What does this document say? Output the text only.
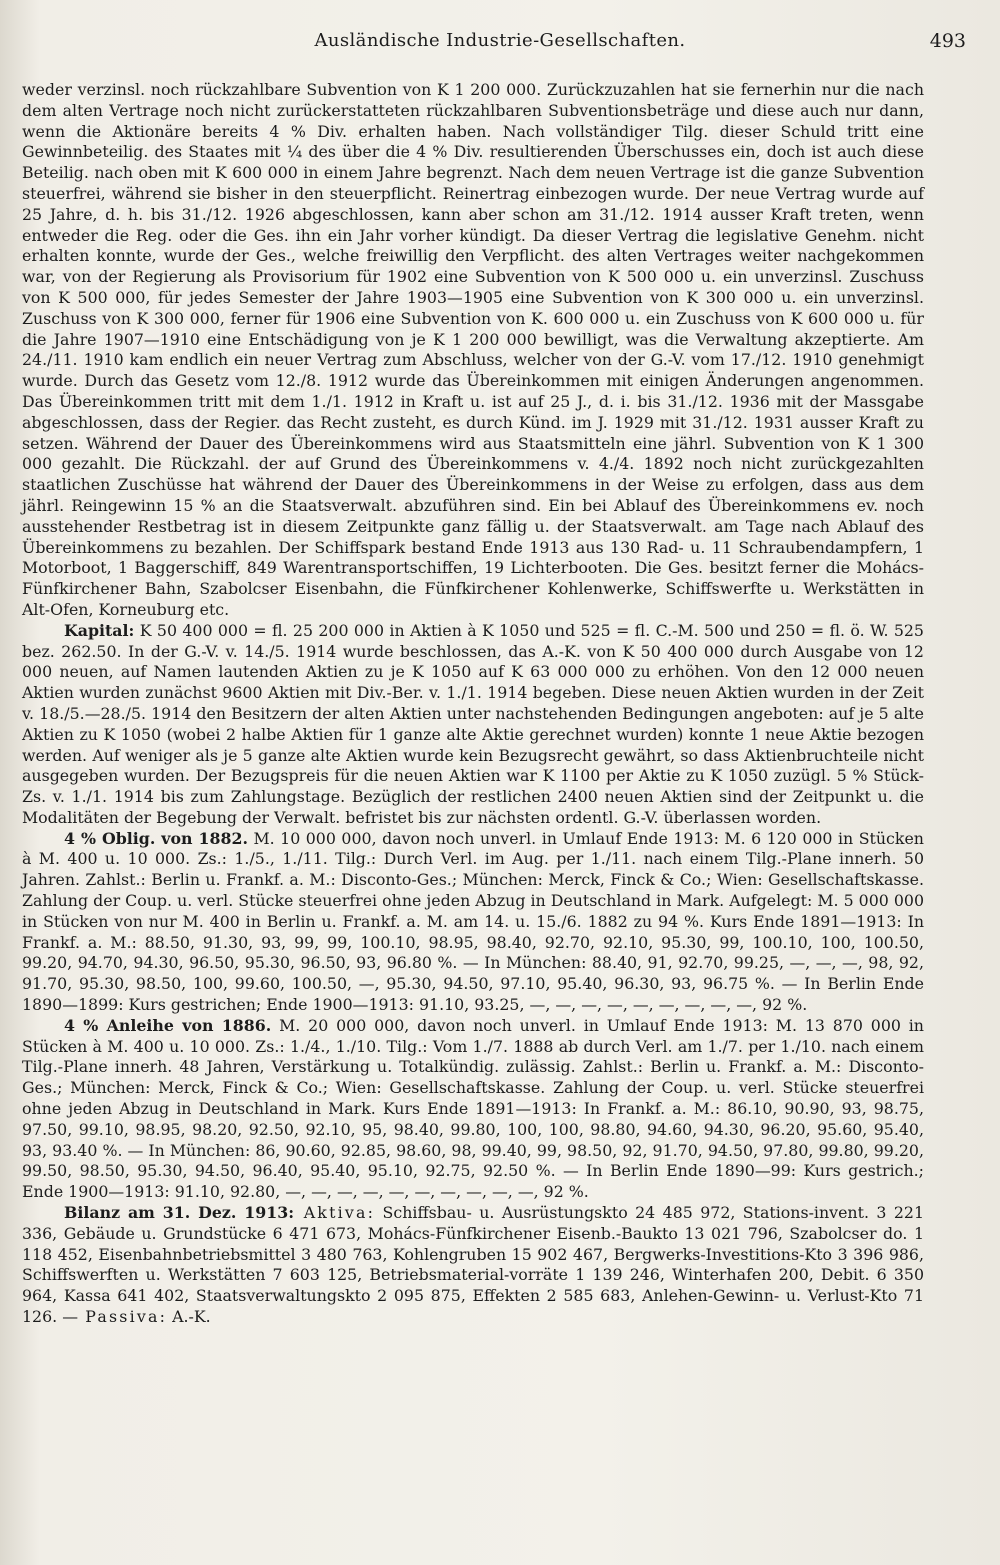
Ausländische Industrie-Gesellschaften.	493

weder verzinsl. noch rückzahlbare Subvention von K 1 200 000. Zurückzuzahlen hat sie fernerhin nur die nach dem alten Vertrage noch nicht zurückerstatteten rückzahlbaren Subventionsbeträge und diese auch nur dann, wenn die Aktionäre bereits 4 % Div. erhalten haben. Nach vollständiger Tilg. dieser Schuld tritt eine Gewinnbeteilig. des Staates mit ¼ des über die 4 % Div. resultierenden Überschusses ein, doch ist auch diese Beteilig. nach oben mit K 600 000 in einem Jahre begrenzt. Nach dem neuen Vertrage ist die ganze Subvention steuerfrei, während sie bisher in den steuerpflicht. Reinertrag einbezogen wurde. Der neue Vertrag wurde auf 25 Jahre, d. h. bis 31./12. 1926 abgeschlossen, kann aber schon am 31./12. 1914 ausser Kraft treten, wenn entweder die Reg. oder die Ges. ihn ein Jahr vorher kündigt. Da dieser Vertrag die legislative Genehm. nicht erhalten konnte, wurde der Ges., welche freiwillig den Verpflicht. des alten Vertrages weiter nachgekommen war, von der Regierung als Provisorium für 1902 eine Subvention von K 500 000 u. ein unverzinsl. Zuschuss von K 500 000, für jedes Semester der Jahre 1903—1905 eine Subvention von K 300 000 u. ein unverzinsl. Zuschuss von K 300 000, ferner für 1906 eine Subvention von K. 600 000 u. ein Zuschuss von K 600 000 u. für die Jahre 1907—1910 eine Entschädigung von je K 1 200 000 bewilligt, was die Verwaltung akzeptierte. Am 24./11. 1910 kam endlich ein neuer Vertrag zum Abschluss, welcher von der G.-V. vom 17./12. 1910 genehmigt wurde. Durch das Gesetz vom 12./8. 1912 wurde das Übereinkommen mit einigen Änderungen angenommen. Das Übereinkommen tritt mit dem 1./1. 1912 in Kraft u. ist auf 25 J., d. i. bis 31./12. 1936 mit der Massgabe abgeschlossen, dass der Regier. das Recht zusteht, es durch Künd. im J. 1929 mit 31./12. 1931 ausser Kraft zu setzen. Während der Dauer des Übereinkommens wird aus Staatsmitteln eine jährl. Subvention von K 1 300 000 gezahlt. Die Rückzahl. der auf Grund des Übereinkommens v. 4./4. 1892 noch nicht zurückgezahlten staatlichen Zuschüsse hat während der Dauer des Übereinkommens in der Weise zu erfolgen, dass aus dem jährl. Reingewinn 15 % an die Staatsverwalt. abzuführen sind. Ein bei Ablauf des Übereinkommens ev. noch ausstehender Restbetrag ist in diesem Zeitpunkte ganz fällig u. der Staatsverwalt. am Tage nach Ablauf des Übereinkommens zu bezahlen. Der Schiffspark bestand Ende 1913 aus 130 Rad- u. 11 Schraubendampfern, 1 Motorboot, 1 Baggerschiff, 849 Warentransportschiffen, 19 Lichterbooten. Die Ges. besitzt ferner die Mohács-Fünfkirchener Bahn, Szabolcser Eisenbahn, die Fünfkirchener Kohlenwerke, Schiffswerfte u. Werkstätten in Alt-Ofen, Korneuburg etc.

Kapital: K 50 400 000 = fl. 25 200 000 in Aktien à K 1050 und 525 = fl. C.-M. 500 und 250 = fl. ö. W. 525 bez. 262.50. In der G.-V. v. 14./5. 1914 wurde beschlossen, das A.-K. von K 50 400 000 durch Ausgabe von 12 000 neuen, auf Namen lautenden Aktien zu je K 1050 auf K 63 000 000 zu erhöhen. Von den 12 000 neuen Aktien wurden zunächst 9600 Aktien mit Div.-Ber. v. 1./1. 1914 begeben. Diese neuen Aktien wurden in der Zeit v. 18./5.—28./5. 1914 den Besitzern der alten Aktien unter nachstehenden Bedingungen angeboten: auf je 5 alte Aktien zu K 1050 (wobei 2 halbe Aktien für 1 ganze alte Aktie gerechnet wurden) konnte 1 neue Aktie bezogen werden. Auf weniger als je 5 ganze alte Aktien wurde kein Bezugsrecht gewährt, so dass Aktienbruchteile nicht ausgegeben wurden. Der Bezugspreis für die neuen Aktien war K 1100 per Aktie zu K 1050 zuzügl. 5 % Stück-Zs. v. 1./1. 1914 bis zum Zahlungstage. Bezüglich der restlichen 2400 neuen Aktien sind der Zeitpunkt u. die Modalitäten der Begebung der Verwalt. befristet bis zur nächsten ordentl. G.-V. überlassen worden.

4 % Oblig. von 1882. M. 10 000 000, davon noch unverl. in Umlauf Ende 1913: M. 6 120 000 in Stücken à M. 400 u. 10 000. Zs.: 1./5., 1./11. Tilg.: Durch Verl. im Aug. per 1./11. nach einem Tilg.-Plane innerh. 50 Jahren. Zahlst.: Berlin u. Frankf. a. M.: Disconto-Ges.; München: Merck, Finck & Co.; Wien: Gesellschaftskasse. Zahlung der Coup. u. verl. Stücke steuerfrei ohne jeden Abzug in Deutschland in Mark. Aufgelegt: M. 5 000 000 in Stücken von nur M. 400 in Berlin u. Frankf. a. M. am 14. u. 15./6. 1882 zu 94 %. Kurs Ende 1891—1913: In Frankf. a. M.: 88.50, 91.30, 93, 99, 99, 100.10, 98.95, 98.40, 92.70, 92.10, 95.30, 99, 100.10, 100, 100.50, 99.20, 94.70, 94.30, 96.50, 95.30, 96.50, 93, 96.80 %. — In München: 88.40, 91, 92.70, 99.25, —, —, —, 98, 92, 91.70, 95.30, 98.50, 100, 99.60, 100.50, —, 95.30, 94.50, 97.10, 95.40, 96.30, 93, 96.75 %. — In Berlin Ende 1890—1899: Kurs gestrichen; Ende 1900—1913: 91.10, 93.25, —, —, —, —, —, —, —, —, —, 92 %.

4 % Anleihe von 1886. M. 20 000 000, davon noch unverl. in Umlauf Ende 1913: M. 13 870 000 in Stücken à M. 400 u. 10 000. Zs.: 1./4., 1./10. Tilg.: Vom 1./7. 1888 ab durch Verl. am 1./7. per 1./10. nach einem Tilg.-Plane innerh. 48 Jahren, Verstärkung u. Totalkündig. zulässig. Zahlst.: Berlin u. Frankf. a. M.: Disconto-Ges.; München: Merck, Finck & Co.; Wien: Gesellschaftskasse. Zahlung der Coup. u. verl. Stücke steuerfrei ohne jeden Abzug in Deutschland in Mark. Kurs Ende 1891—1913: In Frankf. a. M.: 86.10, 90.90, 93, 98.75, 97.50, 99.10, 98.95, 98.20, 92.50, 92.10, 95, 98.40, 99.80, 100, 100, 98.80, 94.60, 94.30, 96.20, 95.60, 95.40, 93, 93.40 %. — In München: 86, 90.60, 92.85, 98.60, 98, 99.40, 99, 98.50, 92, 91.70, 94.50, 97.80, 99.80, 99.20, 99.50, 98.50, 95.30, 94.50, 96.40, 95.40, 95.10, 92.75, 92.50 %. — In Berlin Ende 1890—99: Kurs gestrich.; Ende 1900—1913: 91.10, 92.80, —, —, —, —, —, —, —, —, —, —, 92 %.

Bilanz am 31. Dez. 1913: Aktiva: Schiffsbau- u. Ausrüstungskto 24 485 972, Stations-invent. 3 221 336, Gebäude u. Grundstücke 6 471 673, Mohács-Fünfkirchener Eisenb.-Baukto 13 021 796, Szabolcser do. 1 118 452, Eisenbahnbetriebsmittel 3 480 763, Kohlengruben 15 902 467, Bergwerks-Investitions-Kto 3 396 986, Schiffswerften u. Werkstätten 7 603 125, Betriebsmaterial-vorräte 1 139 246, Winterhafen 200, Debit. 6 350 964, Kassa 641 402, Staatsverwaltungskto 2 095 875, Effekten 2 585 683, Anlehen-Gewinn- u. Verlust-Kto 71 126. — Passiva: A.-K.
